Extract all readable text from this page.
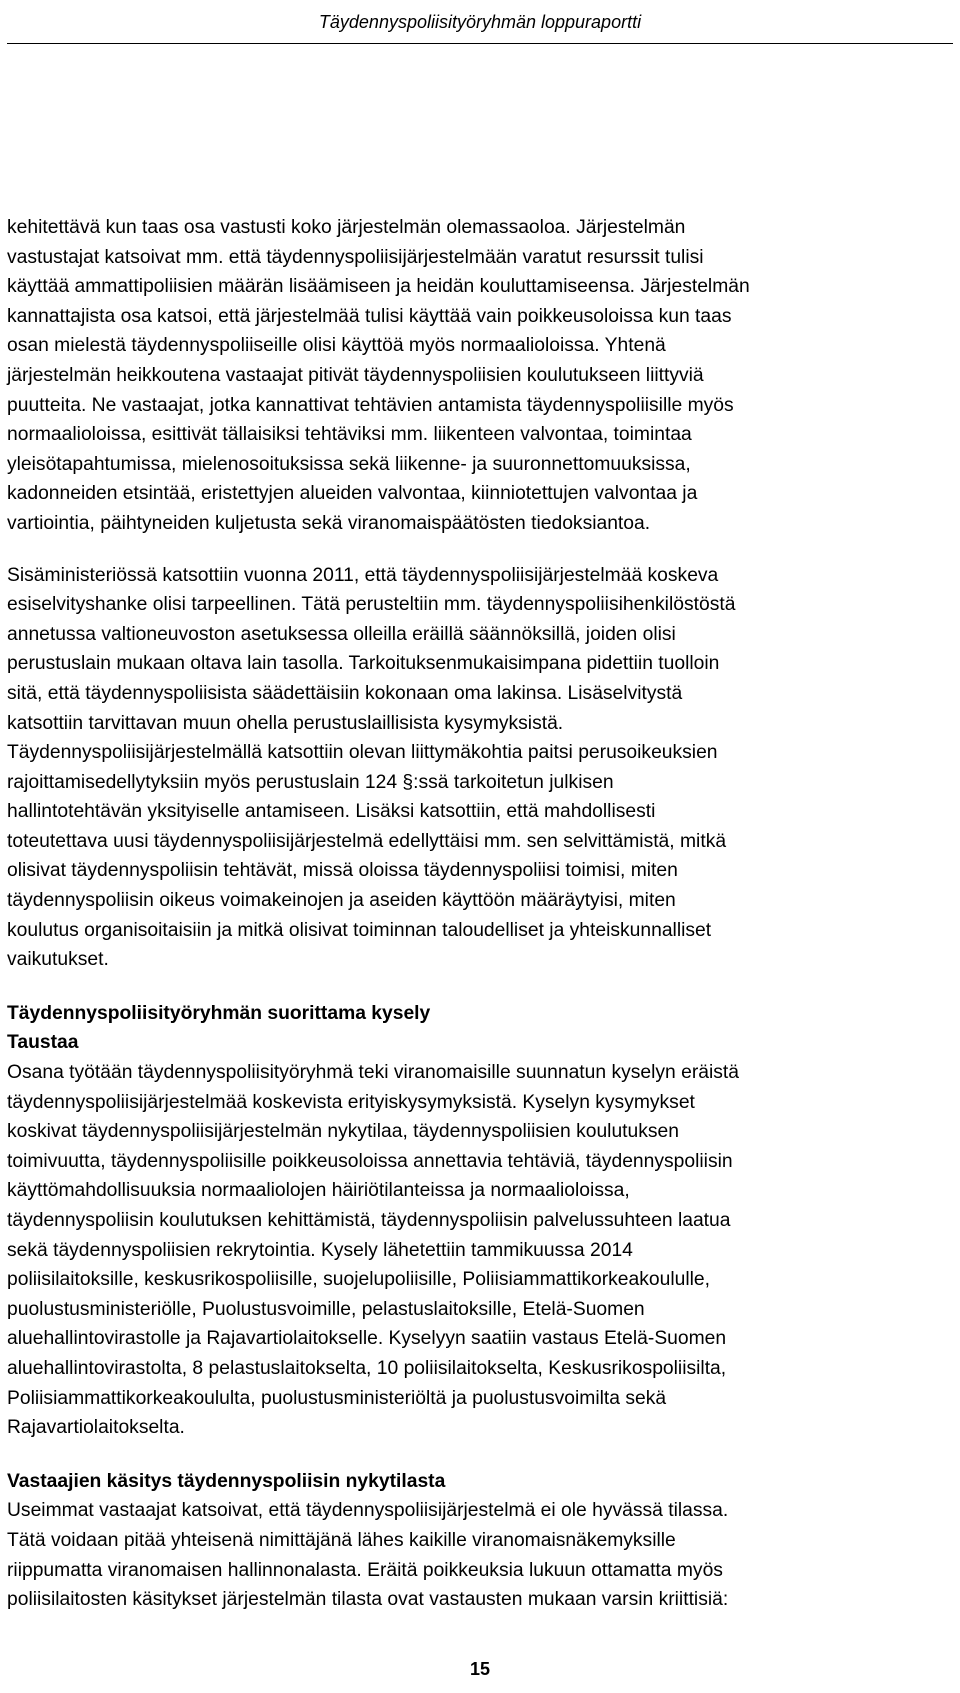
Täydennyspoliisityöryhmän loppuraportti

kehitettävä kun taas osa vastusti koko järjestelmän olemassaoloa. Järjestelmän
vastustajat katsoivat mm. että täydennyspoliisijärjestelmään varatut resurssit tulisi
käyttää ammattipoliisien määrän lisäämiseen ja heidän kouluttamiseensa. Järjestelmän
kannattajista osa katsoi, että järjestelmää tulisi käyttää vain poikkeusoloissa kun taas
osan mielestä täydennyspoliiseille olisi käyttöä myös normaalioloissa. Yhtenä
järjestelmän heikkoutena vastaajat pitivät täydennyspoliisien koulutukseen liittyviä
puutteita. Ne vastaajat, jotka kannattivat tehtävien antamista täydennyspoliisille myös
normaalioloissa, esittivät tällaisiksi tehtäviksi mm. liikenteen valvontaa, toimintaa
yleisötapahtumissa, mielenosoituksissa sekä liikenne- ja suuronnettomuuksissa,
kadonneiden etsintää, eristettyjen alueiden valvontaa, kiinniotettujen valvontaa ja
vartiointia, päihtyneiden kuljetusta sekä viranomaispäätösten tiedoksiantoa.

Sisäministeriössä katsottiin vuonna 2011, että täydennyspoliisijärjestelmää koskeva
esiselvityshanke olisi tarpeellinen. Tätä perusteltiin mm. täydennyspoliisihenkilöstöstä
annetussa valtioneuvoston asetuksessa olleilla eräillä säännöksillä, joiden olisi
perustuslain mukaan oltava lain tasolla. Tarkoituksenmukaisimpana pidettiin tuolloin
sitä, että täydennyspoliisista säädettäisiin kokonaan oma lakinsa. Lisäselvitystä
katsottiin tarvittavan muun ohella perustuslaillisista kysymyksistä.
Täydennyspoliisijärjestelmällä katsottiin olevan liittymäkohtia paitsi perusoikeuksien
rajoittamisedellytyksiin myös perustuslain 124 §:ssä tarkoitetun julkisen
hallintotehtävän yksityiselle antamiseen. Lisäksi katsottiin, että mahdollisesti
toteutettava uusi täydennyspoliisijärjestelmä edellyttäisi mm. sen selvittämistä, mitkä
olisivat täydennyspoliisin tehtävät, missä oloissa täydennyspoliisi toimisi, miten
täydennyspoliisin oikeus voimakeinojen ja aseiden käyttöön määräytyisi, miten
koulutus organisoitaisiin ja mitkä olisivat toiminnan taloudelliset ja yhteiskunnalliset
vaikutukset.

Täydennyspoliisityöryhmän suorittama kysely
Taustaa

Osana työtään täydennyspoliisityöryhmä teki viranomaisille suunnatun kyselyn eräistä
täydennyspoliisijärjestelmää koskevista erityiskysymyksistä. Kyselyn kysymykset
koskivat täydennyspoliisijärjestelmän nykytilaa, täydennyspoliisien koulutuksen
toimivuutta, täydennyspoliisille poikkeusoloissa annettavia tehtäviä, täydennyspoliisin
käyttömahdollisuuksia normaaliolojen häiriötilanteissa ja normaalioloissa,
täydennyspoliisin koulutuksen kehittämistä, täydennyspoliisin palvelussuhteen laatua
sekä täydennyspoliisien rekrytointia. Kysely lähetettiin tammikuussa 2014
poliisilaitoksille, keskusrikospoliisille, suojelupoliisille, Poliisiammattikorkeakoululle,
puolustusministeriölle, Puolustusvoimille, pelastuslaitoksille, Etelä-Suomen
aluehallintovirastolle ja Rajavartiolaitokselle. Kyselyyn saatiin vastaus Etelä-Suomen
aluehallintovirastolta, 8 pelastuslaitokselta, 10 poliisilaitokselta, Keskusrikospoliisilta,
Poliisiammattikorkeakoululta, puolustusministeriöltä ja puolustusvoimilta sekä
Rajavartiolaitokselta.

Vastaajien käsitys täydennyspoliisin nykytilasta

Useimmat vastaajat katsoivat, että täydennyspoliisijärjestelmä ei ole hyvässä tilassa.
Tätä voidaan pitää yhteisenä nimittäjänä lähes kaikille viranomaisnäkemyksille
riippumatta viranomaisen hallinnonalasta. Eräitä poikkeuksia lukuun ottamatta myös
poliisilaitosten käsitykset järjestelmän tilasta ovat vastausten mukaan varsin kriittisiä:

15
